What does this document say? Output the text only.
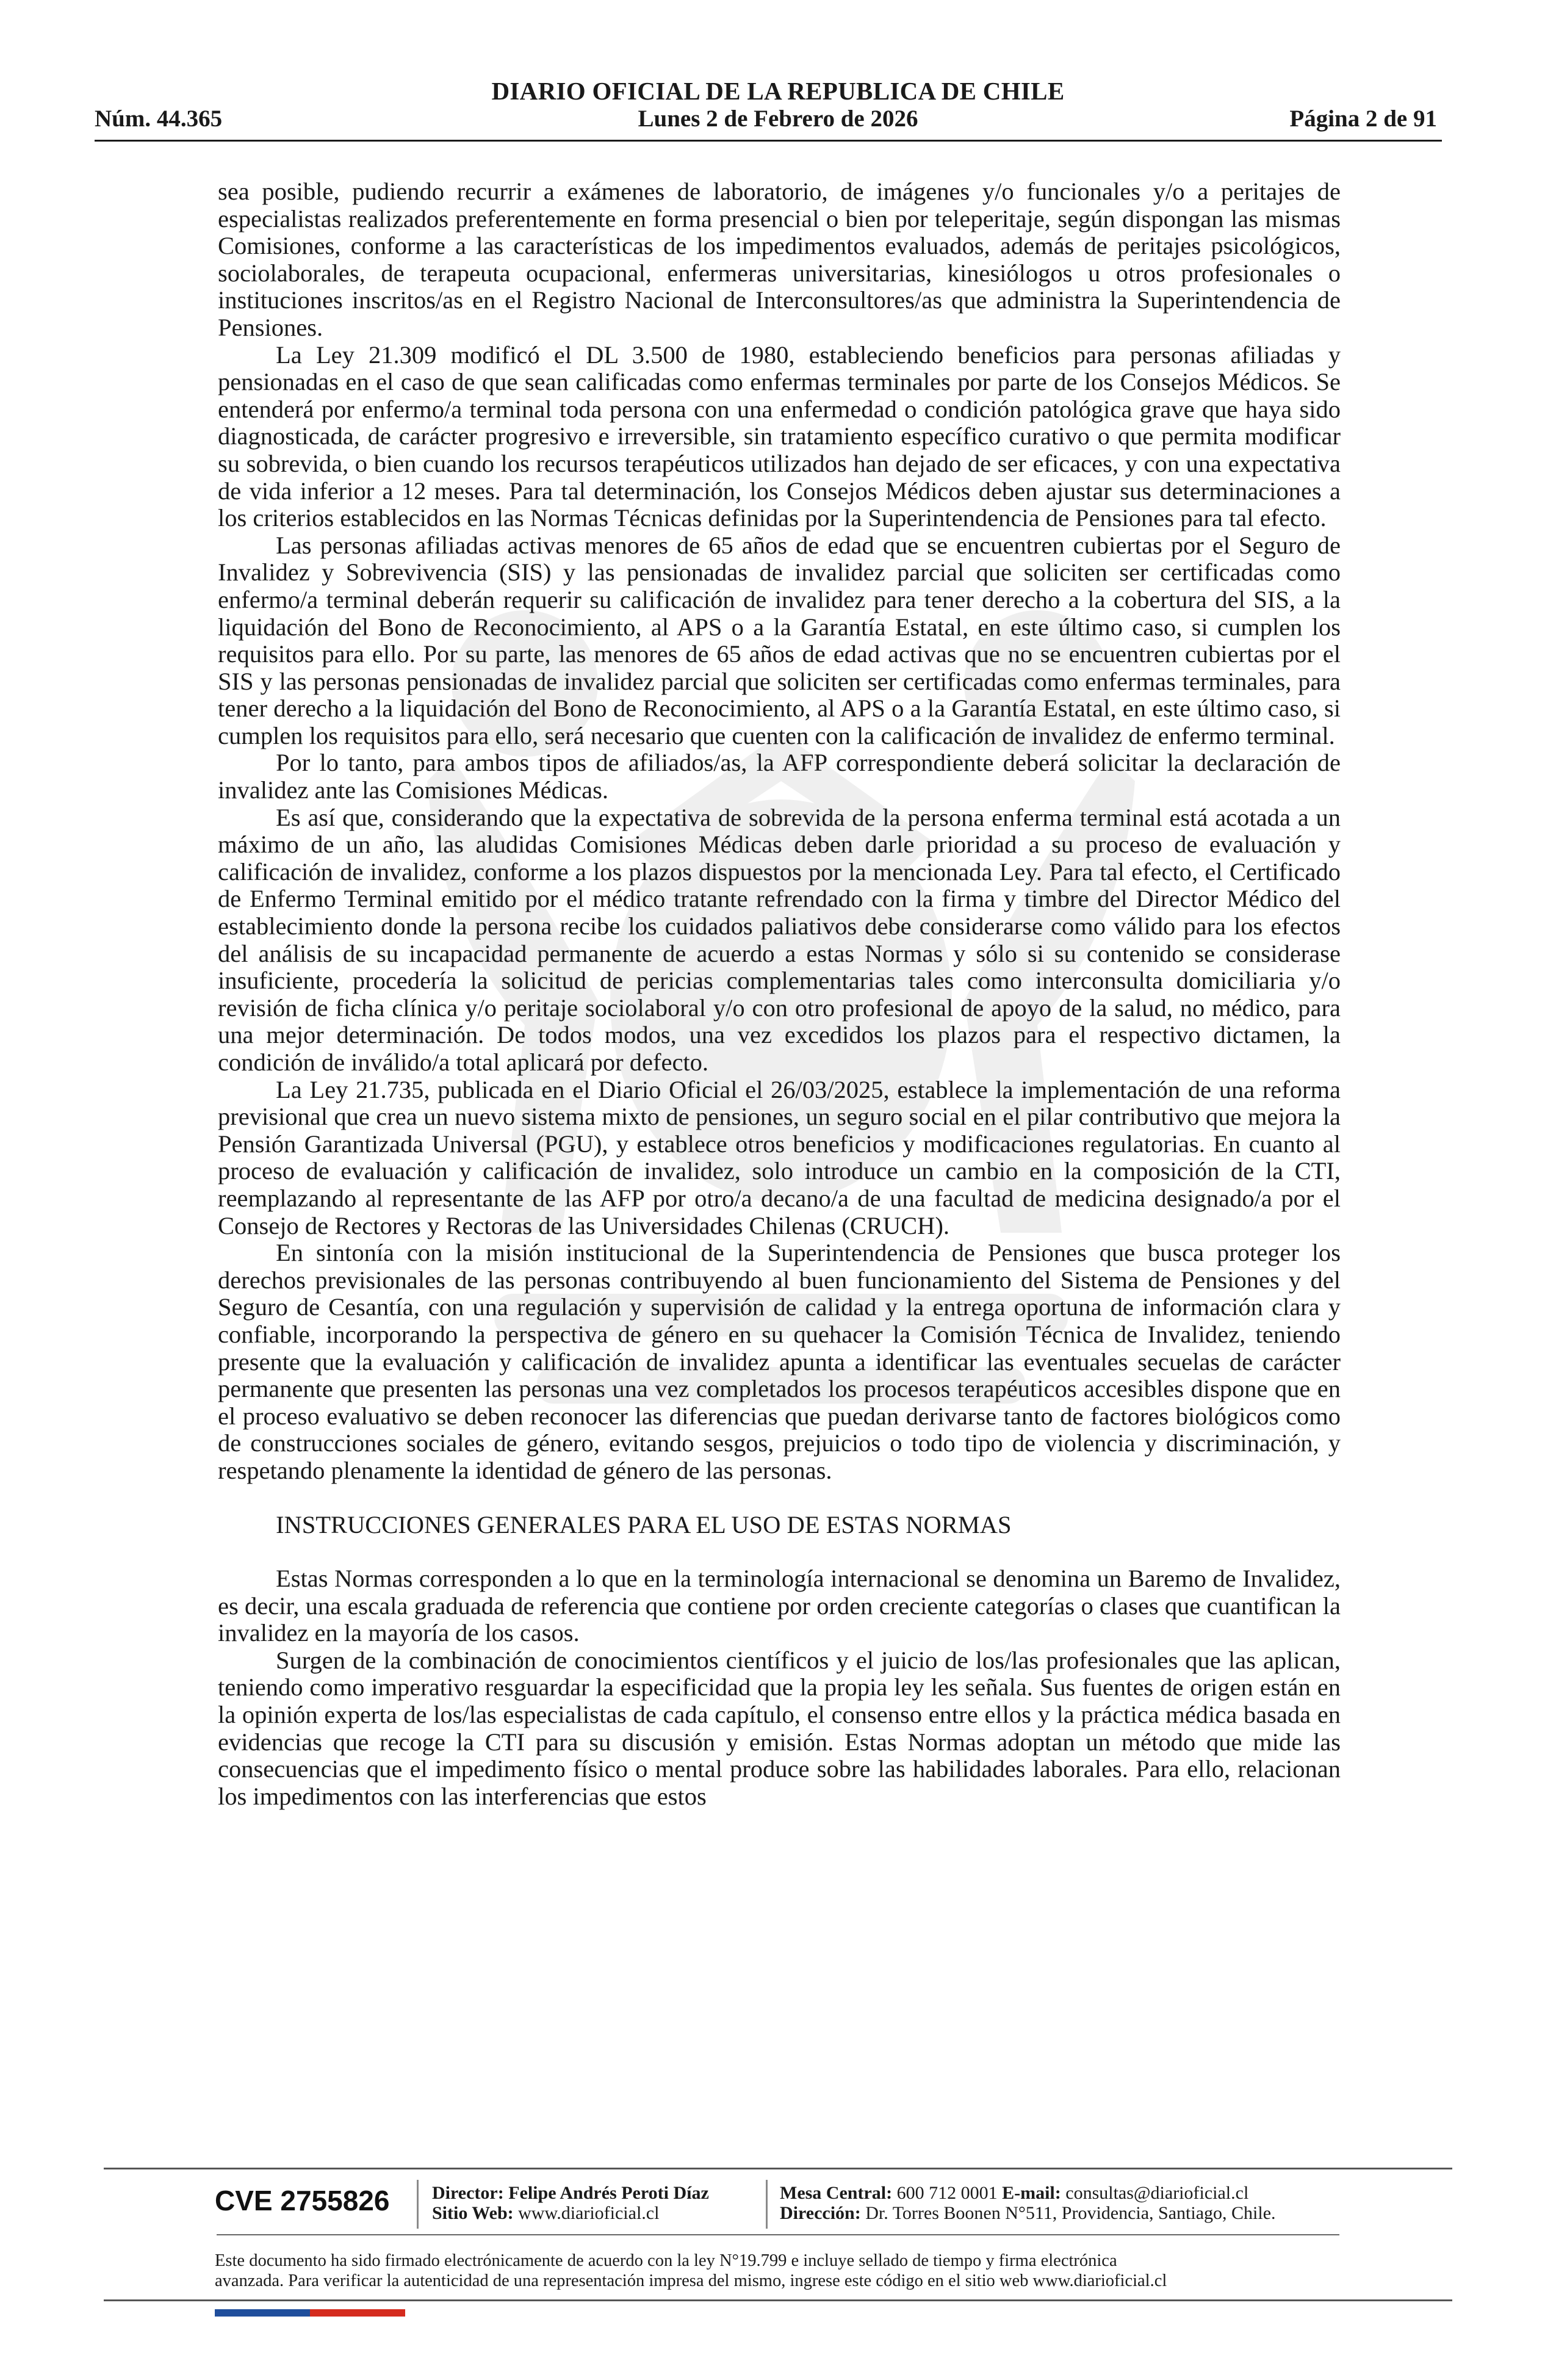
DIARIO OFICIAL DE LA REPUBLICA DE CHILE
Núm. 44.365	Lunes 2 de Febrero de 2026	Página 2 de 91

sea posible, pudiendo recurrir a exámenes de laboratorio, de imágenes y/o funcionales y/o a peritajes de especialistas realizados preferentemente en forma presencial o bien por teleperitaje, según dispongan las mismas Comisiones, conforme a las características de los impedimentos evaluados, además de peritajes psicológicos, sociolaborales, de terapeuta ocupacional, enfermeras universitarias, kinesiólogos u otros profesionales o instituciones inscritos/as en el Registro Nacional de Interconsultores/as que administra la Superintendencia de Pensiones.

La Ley 21.309 modificó el DL 3.500 de 1980, estableciendo beneficios para personas afiliadas y pensionadas en el caso de que sean calificadas como enfermas terminales por parte de los Consejos Médicos. Se entenderá por enfermo/a terminal toda persona con una enfermedad o condición patológica grave que haya sido diagnosticada, de carácter progresivo e irreversible, sin tratamiento específico curativo o que permita modificar su sobrevida, o bien cuando los recursos terapéuticos utilizados han dejado de ser eficaces, y con una expectativa de vida inferior a 12 meses. Para tal determinación, los Consejos Médicos deben ajustar sus determinaciones a los criterios establecidos en las Normas Técnicas definidas por la Superintendencia de Pensiones para tal efecto.

Las personas afiliadas activas menores de 65 años de edad que se encuentren cubiertas por el Seguro de Invalidez y Sobrevivencia (SIS) y las pensionadas de invalidez parcial que soliciten ser certificadas como enfermo/a terminal deberán requerir su calificación de invalidez para tener derecho a la cobertura del SIS, a la liquidación del Bono de Reconocimiento, al APS o a la Garantía Estatal, en este último caso, si cumplen los requisitos para ello. Por su parte, las menores de 65 años de edad activas que no se encuentren cubiertas por el SIS y las personas pensionadas de invalidez parcial que soliciten ser certificadas como enfermas terminales, para tener derecho a la liquidación del Bono de Reconocimiento, al APS o a la Garantía Estatal, en este último caso, si cumplen los requisitos para ello, será necesario que cuenten con la calificación de invalidez de enfermo terminal.

Por lo tanto, para ambos tipos de afiliados/as, la AFP correspondiente deberá solicitar la declaración de invalidez ante las Comisiones Médicas.

Es así que, considerando que la expectativa de sobrevida de la persona enferma terminal está acotada a un máximo de un año, las aludidas Comisiones Médicas deben darle prioridad a su proceso de evaluación y calificación de invalidez, conforme a los plazos dispuestos por la mencionada Ley. Para tal efecto, el Certificado de Enfermo Terminal emitido por el médico tratante refrendado con la firma y timbre del Director Médico del establecimiento donde la persona recibe los cuidados paliativos debe considerarse como válido para los efectos del análisis de su incapacidad permanente de acuerdo a estas Normas y sólo si su contenido se considerase insuficiente, procedería la solicitud de pericias complementarias tales como interconsulta domiciliaria y/o revisión de ficha clínica y/o peritaje sociolaboral y/o con otro profesional de apoyo de la salud, no médico, para una mejor determinación. De todos modos, una vez excedidos los plazos para el respectivo dictamen, la condición de inválido/a total aplicará por defecto.

La Ley 21.735, publicada en el Diario Oficial el 26/03/2025, establece la implementación de una reforma previsional que crea un nuevo sistema mixto de pensiones, un seguro social en el pilar contributivo que mejora la Pensión Garantizada Universal (PGU), y establece otros beneficios y modificaciones regulatorias. En cuanto al proceso de evaluación y calificación de invalidez, solo introduce un cambio en la composición de la CTI, reemplazando al representante de las AFP por otro/a decano/a de una facultad de medicina designado/a por el Consejo de Rectores y Rectoras de las Universidades Chilenas (CRUCH).

En sintonía con la misión institucional de la Superintendencia de Pensiones que busca proteger los derechos previsionales de las personas contribuyendo al buen funcionamiento del Sistema de Pensiones y del Seguro de Cesantía, con una regulación y supervisión de calidad y la entrega oportuna de información clara y confiable, incorporando la perspectiva de género en su quehacer la Comisión Técnica de Invalidez, teniendo presente que la evaluación y calificación de invalidez apunta a identificar las eventuales secuelas de carácter permanente que presenten las personas una vez completados los procesos terapéuticos accesibles dispone que en el proceso evaluativo se deben reconocer las diferencias que puedan derivarse tanto de factores biológicos como de construcciones sociales de género, evitando sesgos, prejuicios o todo tipo de violencia y discriminación, y respetando plenamente la identidad de género de las personas.

INSTRUCCIONES GENERALES PARA EL USO DE ESTAS NORMAS

Estas Normas corresponden a lo que en la terminología internacional se denomina un Baremo de Invalidez, es decir, una escala graduada de referencia que contiene por orden creciente categorías o clases que cuantifican la invalidez en la mayoría de los casos.

Surgen de la combinación de conocimientos científicos y el juicio de los/las profesionales que las aplican, teniendo como imperativo resguardar la especificidad que la propia ley les señala. Sus fuentes de origen están en la opinión experta de los/las especialistas de cada capítulo, el consenso entre ellos y la práctica médica basada en evidencias que recoge la CTI para su discusión y emisión. Estas Normas adoptan un método que mide las consecuencias que el impedimento físico o mental produce sobre las habilidades laborales. Para ello, relacionan los impedimentos con las interferencias que estos

CVE 2755826 Director: Felipe Andrés Peroti Díaz
Sitio Web: www.diarioficial.cl
Mesa Central: 600 712 0001 E-mail: consultas@diarioficial.cl
Dirección: Dr. Torres Boonen N°511, Providencia, Santiago, Chile.
Este documento ha sido firmado electrónicamente de acuerdo con la ley N°19.799 e incluye sellado de tiempo y firma electrónica
avanzada. Para verificar la autenticidad de una representación impresa del mismo, ingrese este código en el sitio web www.diarioficial.cl
